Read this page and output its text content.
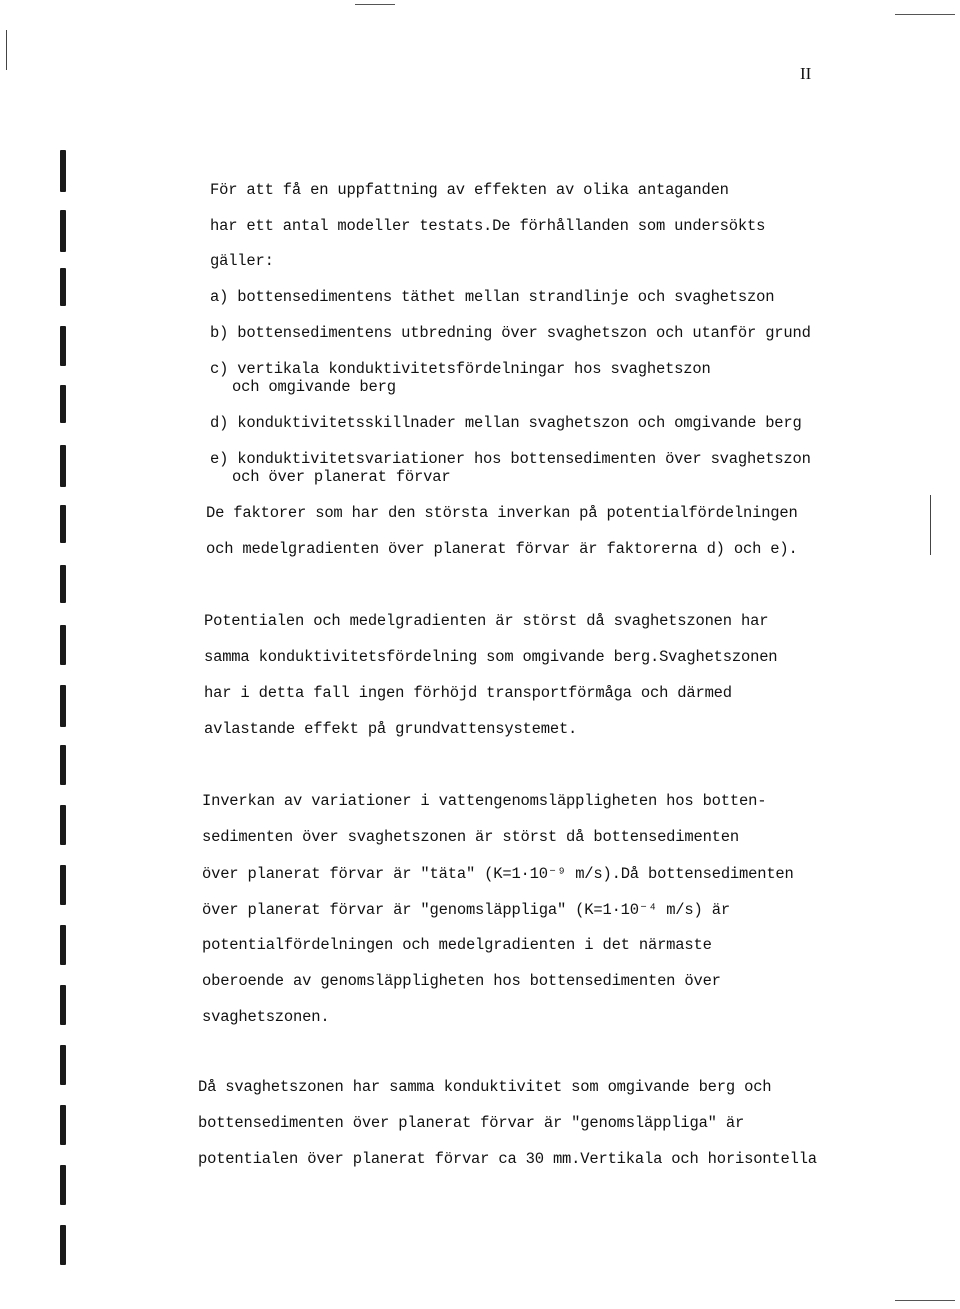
II
För att få en uppfattning av effekten av olika antaganden
har ett antal modeller testats.De förhållanden som undersökts
gäller:
a) bottensedimentens täthet mellan strandlinje och svaghetszon
b) bottensedimentens utbredning över svaghetszon och utanför grund
c) vertikala konduktivitetsfördelningar hos svaghetszon
och omgivande berg
d) konduktivitetsskillnader mellan svaghetszon och omgivande berg
e) konduktivitetsvariationer hos bottensedimenten över svaghetszon
och över planerat förvar
De faktorer som har den största inverkan på potentialfördelningen
och medelgradienten över planerat förvar är faktorerna d) och e).
Potentialen och medelgradienten är störst då svaghetszonen har
samma konduktivitetsfördelning som omgivande berg.Svaghetszonen
har i detta fall ingen förhöjd transportförmåga och därmed
avlastande effekt på grundvattensystemet.
Inverkan av variationer i vattengenomsläppligheten hos botten-
sedimenten över svaghetszonen är störst då bottensedimenten
över planerat förvar är "täta" (K=1·10⁻⁹ m/s).Då bottensedimenten
över planerat förvar är "genomsläppliga" (K=1·10⁻⁴ m/s) är
potentialfördelningen och medelgradienten i det närmaste
oberoende av genomsläppligheten hos bottensedimenten över
svaghetszonen.
Då svaghetszonen har samma konduktivitet som omgivande berg och
bottensedimenten över planerat förvar är "genomsläppliga" är
potentialen över planerat förvar ca 30 mm.Vertikala och horisontella
